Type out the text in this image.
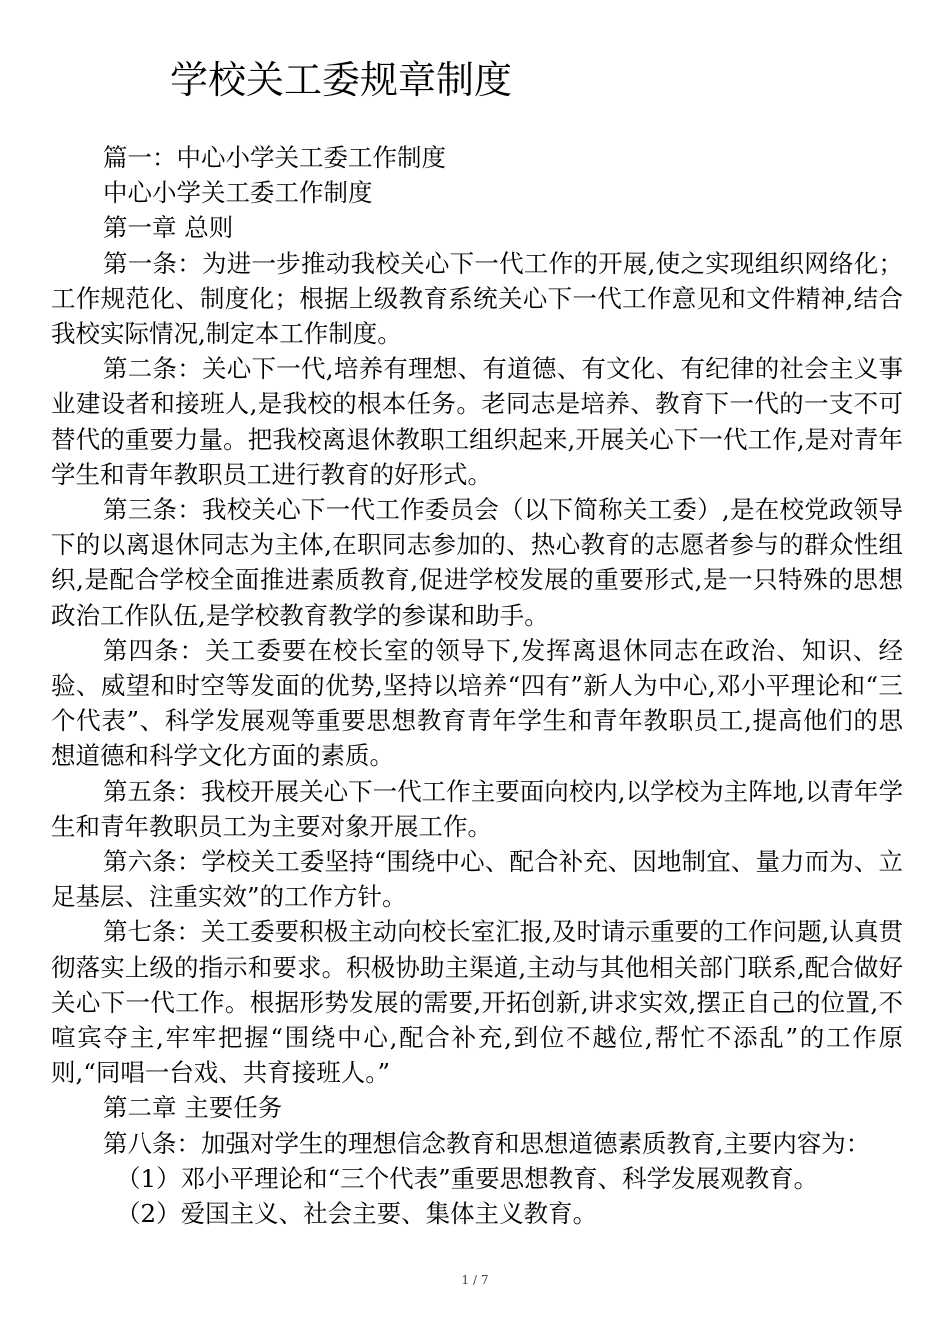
学校关工委规章制度

篇一：中心小学关工委工作制度

中心小学关工委工作制度

第一章 总则

第一条：为进一步推动我校关心下一代工作的开展,使之实现组织网络化；工作规范化、制度化；根据上级教育系统关心下一代工作意见和文件精神,结合我校实际情况,制定本工作制度。

第二条：关心下一代,培养有理想、有道德、有文化、有纪律的社会主义事业建设者和接班人,是我校的根本任务。老同志是培养、教育下一代的一支不可替代的重要力量。把我校离退休教职工组织起来,开展关心下一代工作,是对青年学生和青年教职员工进行教育的好形式。

第三条：我校关心下一代工作委员会（以下简称关工委）,是在校党政领导下的以离退休同志为主体,在职同志参加的、热心教育的志愿者参与的群众性组织,是配合学校全面推进素质教育,促进学校发展的重要形式,是一只特殊的思想政治工作队伍,是学校教育教学的参谋和助手。

第四条：关工委要在校长室的领导下,发挥离退休同志在政治、知识、经验、威望和时空等发面的优势,坚持以培养“四有”新人为中心,邓小平理论和“三个代表”、科学发展观等重要思想教育青年学生和青年教职员工,提高他们的思想道德和科学文化方面的素质。

第五条：我校开展关心下一代工作主要面向校内,以学校为主阵地,以青年学生和青年教职员工为主要对象开展工作。

第六条：学校关工委坚持“围绕中心、配合补充、因地制宜、量力而为、立足基层、注重实效”的工作方针。

第七条：关工委要积极主动向校长室汇报,及时请示重要的工作问题,认真贯彻落实上级的指示和要求。积极协助主渠道,主动与其他相关部门联系,配合做好关心下一代工作。根据形势发展的需要,开拓创新,讲求实效,摆正自己的位置,不喧宾夺主,牢牢把握“围绕中心,配合补充,到位不越位,帮忙不添乱”的工作原则,“同唱一台戏、共育接班人。”

第二章 主要任务

第八条：加强对学生的理想信念教育和思想道德素质教育,主要内容为：

（1）邓小平理论和“三个代表”重要思想教育、科学发展观教育。

（2）爱国主义、社会主要、集体主义教育。

1 / 7
